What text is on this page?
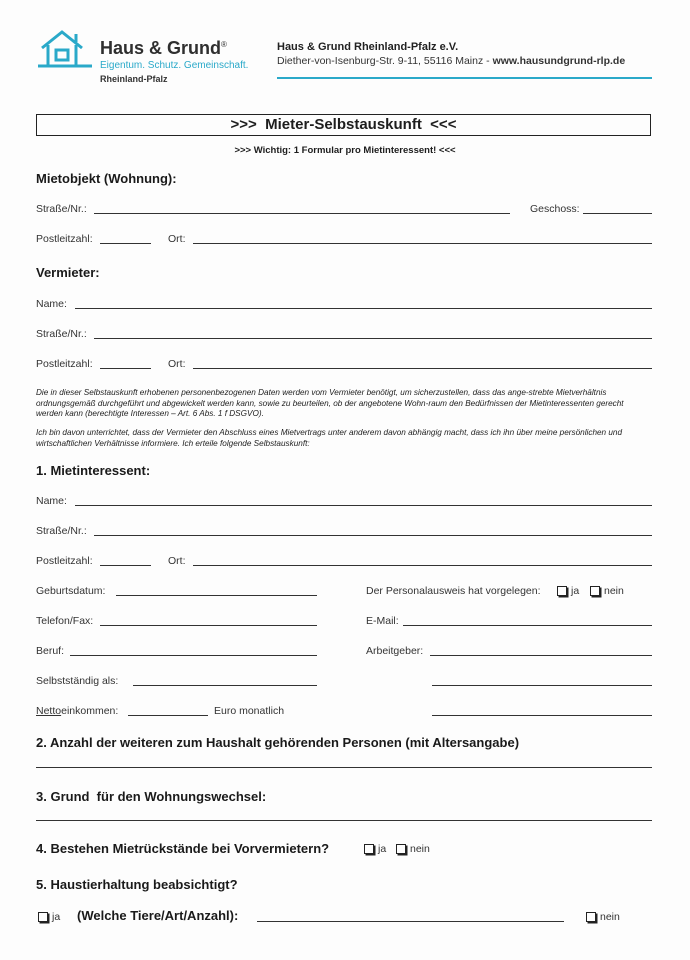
Haus & Grund®
Eigentum. Schutz. Gemeinschaft.
Rheinland-Pfalz
Haus & Grund Rheinland-Pfalz e.V.
Diether-von-Isenburg-Str. 9-11, 55116 Mainz - www.hausundgrund-rlp.de
>>>  Mieter-Selbstauskunft  <<<
>>> Wichtig: 1 Formular pro Mietinteressent! <<<
Mietobjekt (Wohnung):
Straße/Nr.:	Geschoss:
Postleitzahl:	Ort:
Vermieter:
Name:
Straße/Nr.:
Postleitzahl:	Ort:
Die in dieser Selbstauskunft erhobenen personenbezogenen Daten werden vom Vermieter benötigt, um sicherzustellen, dass das ange-strebte Mietverhältnis ordnungsgemäß durchgeführt und abgewickelt werden kann, sowie zu beurteilen, ob der angebotene Wohn-raum den Bedürfnissen der Mietinteressenten gerecht werden kann (berechtigte Interessen – Art. 6 Abs. 1 f DSGVO).
Ich bin davon unterrichtet, dass der Vermieter den Abschluss eines Mietvertrags unter anderem davon abhängig macht, dass ich ihn über meine persönlichen und wirtschaftlichen Verhältnisse informiere. Ich erteile folgende Selbstauskunft:
1. Mietinteressent:
Name:
Straße/Nr.:
Postleitzahl:	Ort:
Geburtsdatum:	Der Personalausweis hat vorgelegen:	ja nein
Telefon/Fax:	E-Mail:
Beruf:	Arbeitgeber:
Selbstständig als:
Nettoeinkommen:	Euro monatlich
2. Anzahl der weiteren zum Haushalt gehörenden Personen (mit Altersangabe)
3. Grund  für den Wohnungswechsel:
4. Bestehen Mietrückstände bei Vorvermietern?	ja nein
5. Haustierhaltung beabsichtigt?
ja (Welche Tiere/Art/Anzahl):	nein
